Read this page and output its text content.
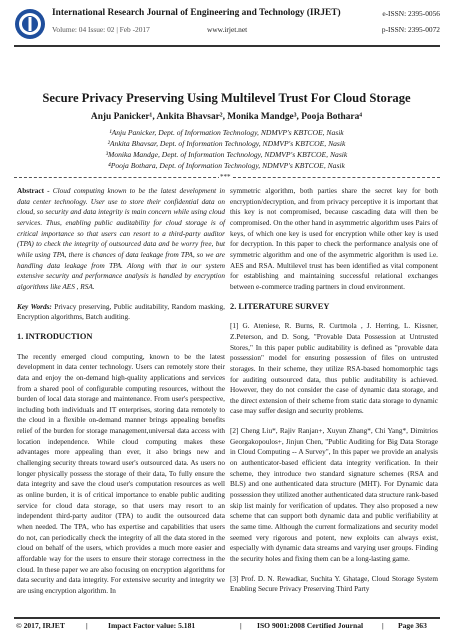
International Research Journal of Engineering and Technology (IRJET)	e-ISSN: 2395-0056
Volume: 04 Issue: 02 | Feb -2017	www.irjet.net	p-ISSN: 2395-0072
Secure Privacy Preserving Using Multilevel Trust For Cloud Storage
Anju Panicker¹, Ankita Bhavsar², Monika Mandge³, Pooja Bothara⁴
¹Anju Panicker, Dept. of Information Technology, NDMVP's KBTCOE, Nasik
²Ankita Bhavsar, Dept. of Information Technology, NDMVP's KBTCOE, Nasik
³Monika Mandge, Dept. of Information Technology, NDMVP's KBTCOE, Nasik
⁴Pooja Bothara, Dept. of Information Technology, NDMVP's KBTCOE, Nasik
***

Abstract - Cloud computing known to be the latest development in data center technology. User use to store their confidential data on cloud, so security and data integrity is main concern while using cloud services. Thus, enabling public auditability for cloud storage is of critical importance so that users can resort to a third-party auditor (TPA) to check the integrity of outsourced data and be worry free, but while using TPA, there is chances of data leakage from TPA, so we are handling data leakage from TPA. Along with that in our system extensive security and performance analysis is handled by encryption algorithms like AES , RSA.

Key Words: Privacy preserving, Public auditability, Random masking, Encryption algorithms, Batch auditing.

1. INTRODUCTION

The recently emerged cloud computing, known to be the latest development in data center technology. Users can remotely store their data and enjoy the on-demand high-quality applications and services from a shared pool of configurable computing resources, without the burden of local data storage and maintenance. From user's perspective, including both individuals and IT enterprises, storing data remotely to the cloud in a flexible on-demand manner brings appealing benefits relief of the burden for storage management,universal data access with location independence. While cloud computing makes these advantages more appealing than ever, it also brings new and challenging security threats toward user's outsourced data. As users no longer physically possess the storage of their data, To fully ensure the data integrity and save the cloud user's computation resources as well as online burden, it is of critical importance to enable public auditing service for cloud data storage, so that users may resort to an independent third-party auditor (TPA) to audit the outsourced data when needed. The TPA, who has expertise and capabilities that users do not, can periodically check the integrity of all the data stored in the cloud on behalf of the users, which provides a much more easier and affordable way for the users to ensure their storage correctness in the cloud. In these paper we are also focusing on encryption algorithms for data security and data integrity. For extensive security and integrity we are using encryption algorithm. In

symmetric algorithm, both parties share the secret key for both encryption/decryption, and from privacy perceptive it is important that this key is not compromised, because cascading data will then be compromised. On the other hand in asymmetric algorithm uses Pairs of keys, of which one key is used for encryption while other key is used for decryption. In this paper to check the performance analysis one of symmetric algorithm and one of the asymmetric algorithm is used i.e. AES and RSA. Multilevel trust has been identified as vital component for establishing and maintaining successful relational exchanges between e-commerce trading partners in cloud environment.

2. LITERATURE SURVEY

[1] G. Ateniese, R. Burns, R. Curtmola , J. Herring, L. Kissner, Z.Peterson, and D. Song, "Provable Data Possession at Untrusted Stores," In this paper public auditability is defined as "provable data possession" model for ensuring possession of files on untrusted storages. In their scheme, they utilize RSA-based homomorphic tags for auditing outsourced data, thus public auditability is achieved. However, they do not consider the case of dynamic data storage, and the direct extension of their scheme from static data storage to dynamic case may suffer design and security problems.

[2] Cheng Liu*, Rajiv Ranjan+, Xuyun Zhang*, Chi Yang*, Dimitrios Georgakopoulos+, Jinjun Chen, "Public Auditing for Big Data Storage in Cloud Computing -- A Survey", In this paper we provide an analysis on authenticator-based efficient data integrity verification. In their scheme, they introduce two standard signature schemes (RSA and BLS) and one authenticated data structure (MHT). For Dynamic data possession they utilized another authenticated data structure rank-based skip list mainly for verification of updates. They also proposed a new scheme that can support both dynamic data and public verifiability at the same time. Although the current formalizations and security model seemed very rigorous and potent, new exploits can always exist, especially with dynamic data streams and varying user groups. Finding the security holes and fixing them can be a long-lasting game.

[3] Prof. D. N. Rewadkar, Suchita Y. Ghatage, Cloud Storage System Enabling Secure Privacy Preserving Third Party

© 2017, IRJET	|	Impact Factor value: 5.181	| ISO 9001:2008 Certified Journal | Page 363
